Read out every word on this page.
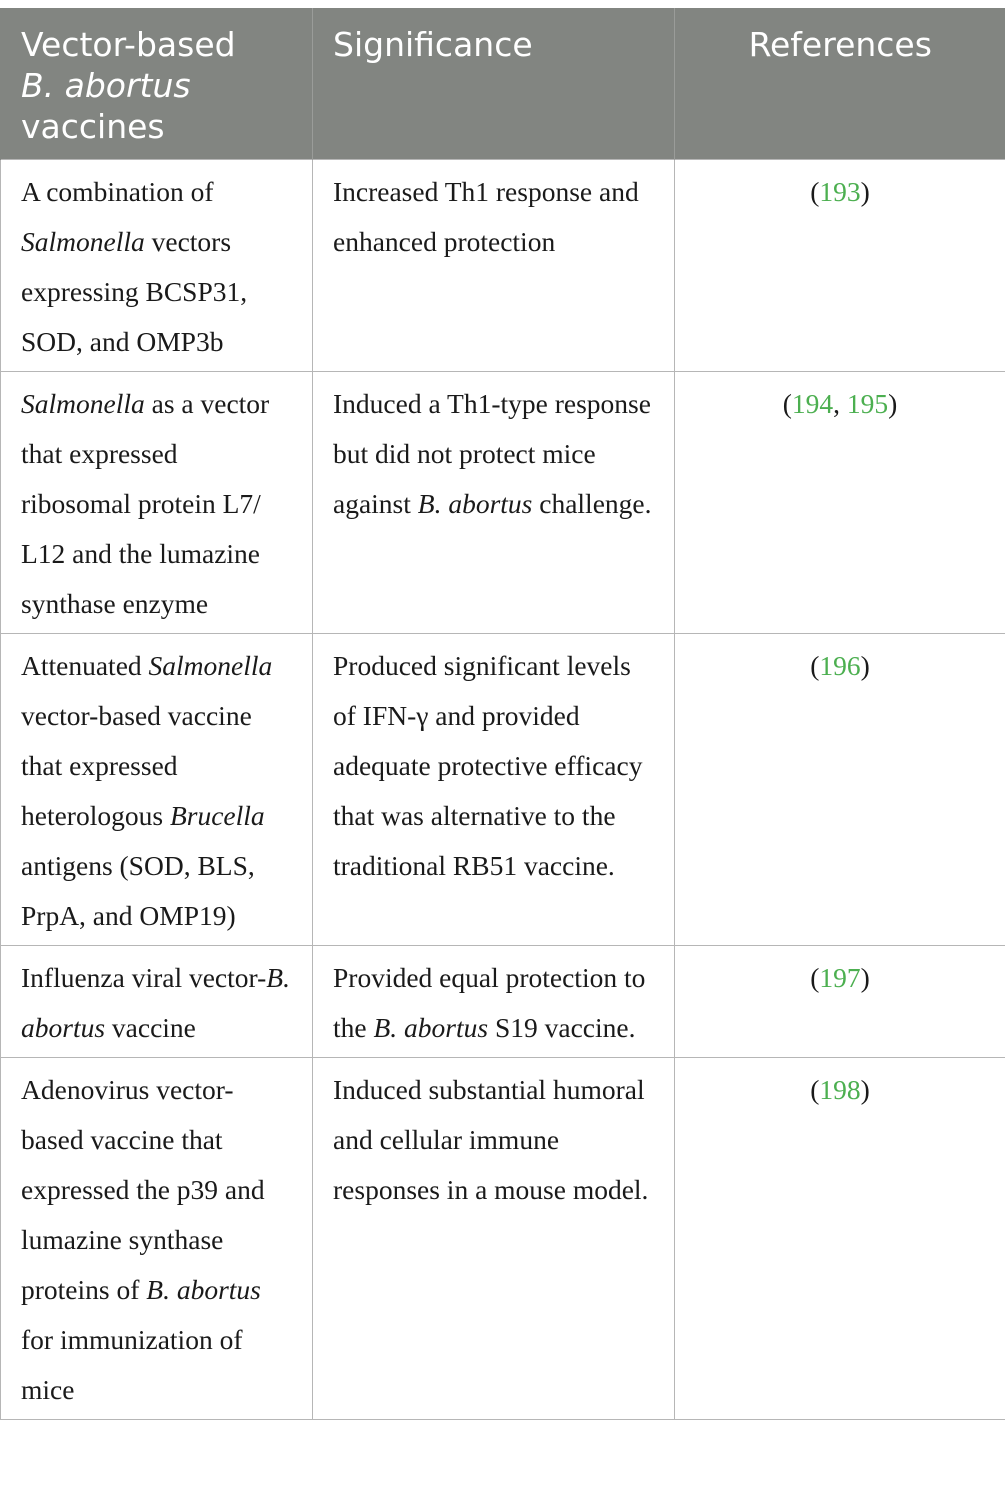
Vector-based
B. abortus
vaccines	Significance	References
A combination of Salmonella vectors expressing BCSP31, SOD, and OMP3b	Increased Th1 response and enhanced protection	(193)
Salmonella as a vector that expressed ribosomal protein L7/ L12 and the lumazine synthase enzyme	Induced a Th1-type response but did not protect mice against B. abortus challenge.	(194, 195)
Attenuated Salmonella vector-based vaccine that expressed heterologous Brucella antigens (SOD, BLS, PrpA, and OMP19)	Produced significant levels of IFN-γ and provided adequate protective efficacy that was alternative to the traditional RB51 vaccine.	(196)
Influenza viral vector-B. abortus vaccine	Provided equal protection to the B. abortus S19 vaccine.	(197)
Adenovirus vector-based vaccine that expressed the p39 and lumazine synthase proteins of B. abortus for immunization of mice	Induced substantial humoral and cellular immune responses in a mouse model.	(198)
